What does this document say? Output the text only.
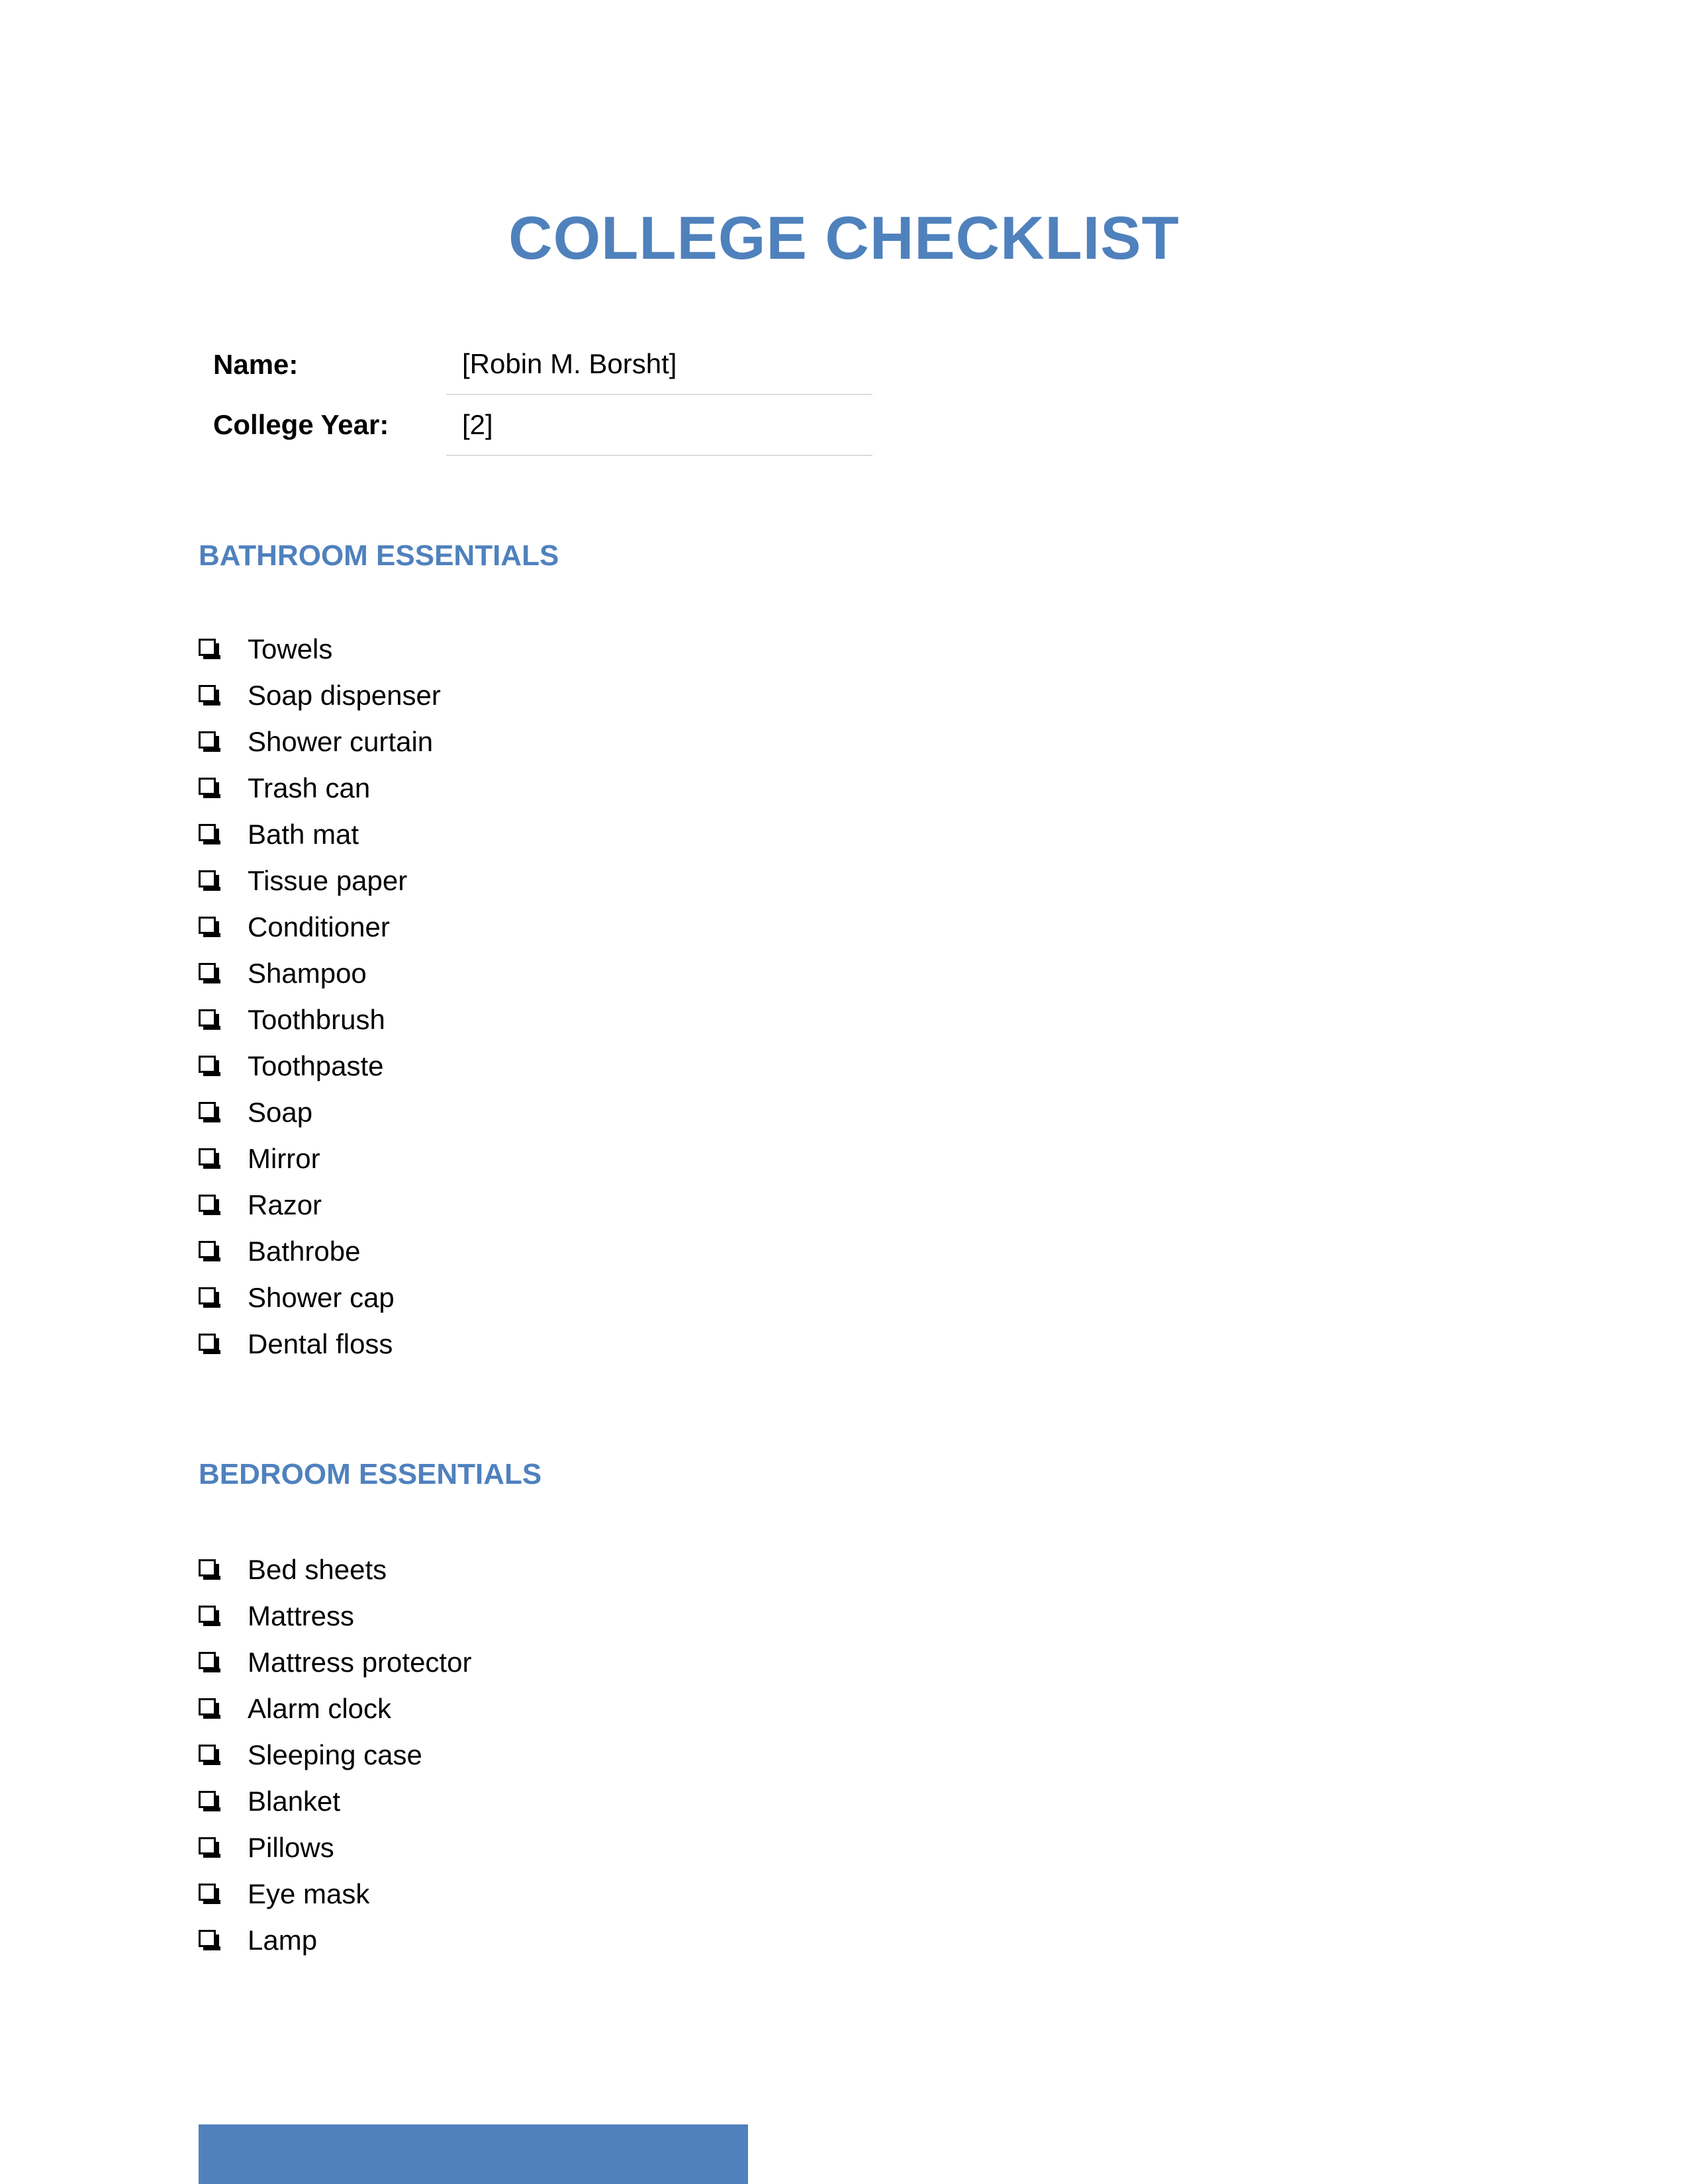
COLLEGE CHECKLIST
Name:	[Robin M. Borsht]
College Year:	[2]
BATHROOM ESSENTIALS
Towels
Soap dispenser
Shower curtain
Trash can
Bath mat
Tissue paper
Conditioner
Shampoo
Toothbrush
Toothpaste
Soap
Mirror
Razor
Bathrobe
Shower cap
Dental floss
BEDROOM ESSENTIALS
Bed sheets
Mattress
Mattress protector
Alarm clock
Sleeping case
Blanket
Pillows
Eye mask
Lamp
